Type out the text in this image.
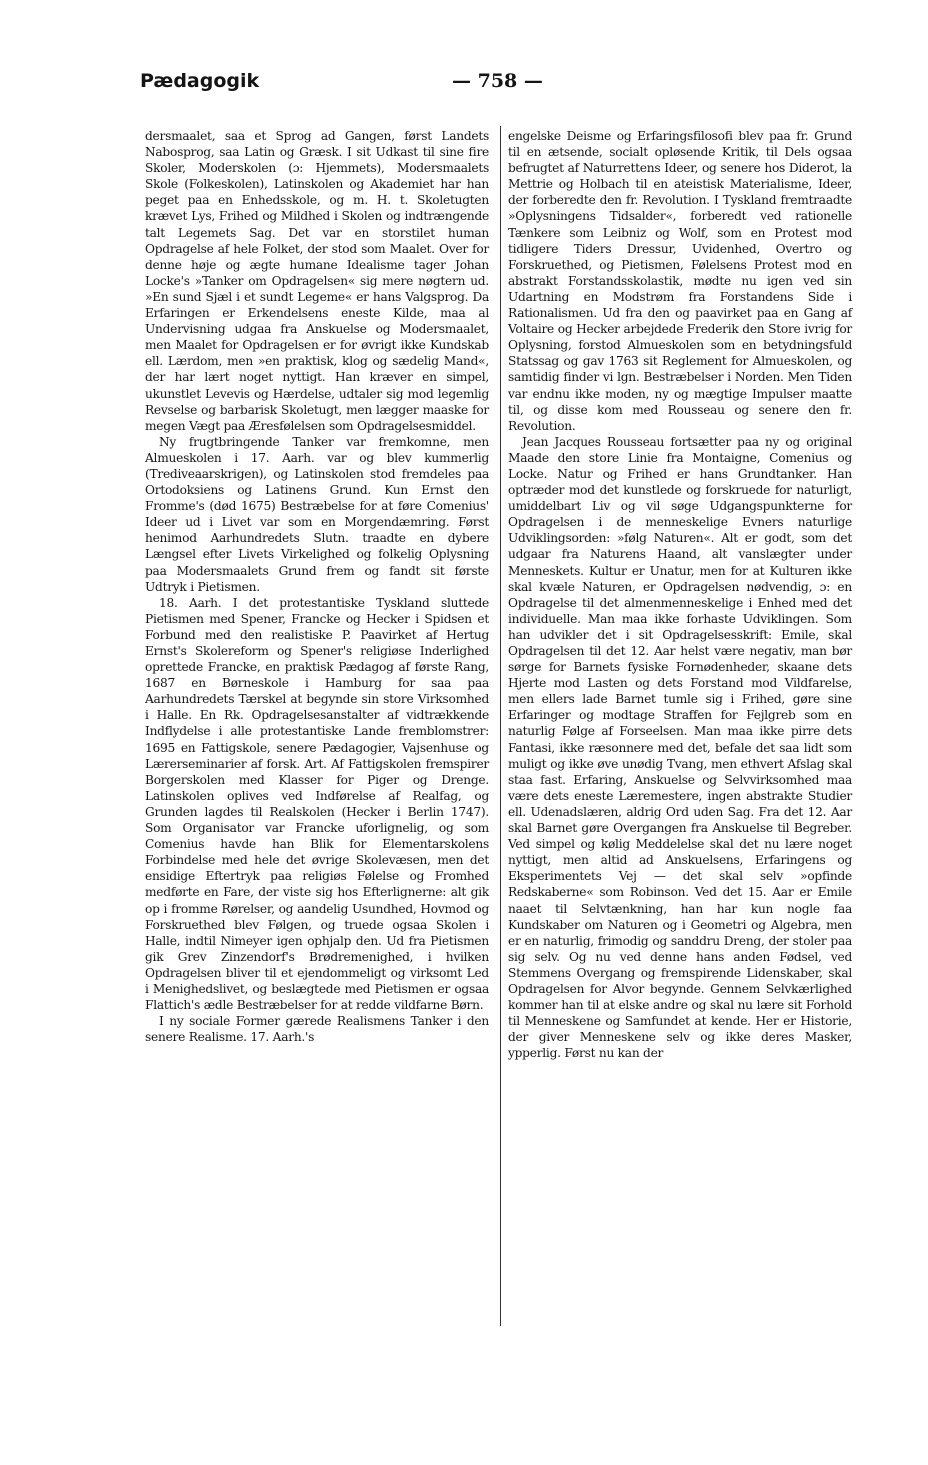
Pædagogik	— 758 —

dersmaalet, saa et Sprog ad Gangen, først Landets Nabosprog, saa Latin og Græsk. I sit Udkast til sine fire Skoler, Moderskolen (ɔ: Hjemmets), Modersmaalets Skole (Folkeskolen), Latinskolen og Akademiet har han peget paa en Enhedsskole, og m. H. t. Skoletugten krævet Lys, Frihed og Mildhed i Skolen og indtrængende talt Legemets Sag. Det var en storstilet human Opdragelse af hele Folket, der stod som Maalet. Over for denne høje og ægte humane Idealisme tager Johan Locke's »Tanker om Opdragelsen« sig mere nøgtern ud. »En sund Sjæl i et sundt Legeme« er hans Valgsprog. Da Erfaringen er Erkendelsens eneste Kilde, maa al Undervisning udgaa fra Anskuelse og Modersmaalet, men Maalet for Opdragelsen er for øvrigt ikke Kundskab ell. Lærdom, men »en praktisk, klog og sædelig Mand«, der har lært noget nyttigt. Han kræver en simpel, ukunstlet Levevis og Hærdelse, udtaler sig mod legemlig Revselse og barbarisk Skoletugt, men lægger maaske for megen Vægt paa Æresfølelsen som Opdragelsesmiddel.

Ny frugtbringende Tanker var fremkomne, men Almueskolen i 17. Aarh. var og blev kummerlig (Trediveaarskrigen), og Latinskolen stod fremdeles paa Ortodoksiens og Latinens Grund. Kun Ernst den Fromme's (død 1675) Bestræbelse for at føre Comenius' Ideer ud i Livet var som en Morgendæmring. Først henimod Aarhundredets Slutn. traadte en dybere Længsel efter Livets Virkelighed og folkelig Oplysning paa Modersmaalets Grund frem og fandt sit første Udtryk i Pietismen.

18. Aarh. I det protestantiske Tyskland sluttede Pietismen med Spener, Francke og Hecker i Spidsen et Forbund med den realistiske P. Paavirket af Hertug Ernst's Skolereform og Spener's religiøse Inderlighed oprettede Francke, en praktisk Pædagog af første Rang, 1687 en Børneskole i Hamburg for saa paa Aarhundredets Tærskel at begynde sin store Virksomhed i Halle. En Rk. Opdragelsesanstalter af vidtrækkende Indflydelse i alle protestantiske Lande fremblomstrer: 1695 en Fattigskole, senere Pædagogier, Vajsenhuse og Lærerseminarier af forsk. Art. Af Fattigskolen fremspirer Borgerskolen med Klasser for Piger og Drenge. Latinskolen oplives ved Indførelse af Realfag, og Grunden lagdes til Realskolen (Hecker i Berlin 1747). Som Organisator var Francke uforlignelig, og som Comenius havde han Blik for Elementarskolens Forbindelse med hele det øvrige Skolevæsen, men det ensidige Eftertryk paa religiøs Følelse og Fromhed medførte en Fare, der viste sig hos Efterlignerne: alt gik op i fromme Rørelser, og aandelig Usundhed, Hovmod og Forskruethed blev Følgen, og truede ogsaa Skolen i Halle, indtil Nimeyer igen ophjalp den. Ud fra Pietismen gik Grev Zinzendorf's Brødremenighed, i hvilken Opdragelsen bliver til et ejendommeligt og virksomt Led i Menighedslivet, og beslægtede med Pietismen er ogsaa Flattich's ædle Bestræbelser for at redde vildfarne Børn.

I ny sociale Former gærede Realismens Tanker i den senere Realisme. 17. Aarh.'s

engelske Deisme og Erfaringsfilosofi blev paa fr. Grund til en ætsende, socialt opløsende Kritik, til Dels ogsaa befrugtet af Naturrettens Ideer, og senere hos Diderot, la Mettrie og Holbach til en ateistisk Materialisme, Ideer, der forberedte den fr. Revolution. I Tyskland fremtraadte »Oplysningens Tidsalder«, forberedt ved rationelle Tænkere som Leibniz og Wolf, som en Protest mod tidligere Tiders Dressur, Uvidenhed, Overtro og Forskruethed, og Pietismen, Følelsens Protest mod en abstrakt Forstandsskolastik, mødte nu igen ved sin Udartning en Modstrøm fra Forstandens Side i Rationalismen. Ud fra den og paavirket paa en Gang af Voltaire og Hecker arbejdede Frederik den Store ivrig for Oplysning, forstod Almueskolen som en betydningsfuld Statssag og gav 1763 sit Reglement for Almueskolen, og samtidig finder vi lgn. Bestræbelser i Norden. Men Tiden var endnu ikke moden, ny og mægtige Impulser maatte til, og disse kom med Rousseau og senere den fr. Revolution.

Jean Jacques Rousseau fortsætter paa ny og original Maade den store Linie fra Montaigne, Comenius og Locke. Natur og Frihed er hans Grundtanker. Han optræder mod det kunstlede og forskruede for naturligt, umiddelbart Liv og vil søge Udgangspunkterne for Opdragelsen i de menneskelige Evners naturlige Udviklingsorden: »følg Naturen«. Alt er godt, som det udgaar fra Naturens Haand, alt vanslægter under Menneskets. Kultur er Unatur, men for at Kulturen ikke skal kvæle Naturen, er Opdragelsen nødvendig, ɔ: en Opdragelse til det almenmenneskelige i Enhed med det individuelle. Man maa ikke forhaste Udviklingen. Som han udvikler det i sit Opdragelsesskrift: Emile, skal Opdragelsen til det 12. Aar helst være negativ, man bør sørge for Barnets fysiske Fornødenheder, skaane dets Hjerte mod Lasten og dets Forstand mod Vildfarelse, men ellers lade Barnet tumle sig i Frihed, gøre sine Erfaringer og modtage Straffen for Fejlgreb som en naturlig Følge af Forseelsen. Man maa ikke pirre dets Fantasi, ikke ræsonnere med det, befale det saa lidt som muligt og ikke øve unødig Tvang, men ethvert Afslag skal staa fast. Erfaring, Anskuelse og Selvvirksomhed maa være dets eneste Læremestere, ingen abstrakte Studier ell. Udenadslæren, aldrig Ord uden Sag. Fra det 12. Aar skal Barnet gøre Overgangen fra Anskuelse til Begreber. Ved simpel og kølig Meddelelse skal det nu lære noget nyttigt, men altid ad Anskuelsens, Erfaringens og Eksperimentets Vej — det skal selv »opfinde Redskaberne« som Robinson. Ved det 15. Aar er Emile naaet til Selvtænkning, han har kun nogle faa Kundskaber om Naturen og i Geometri og Algebra, men er en naturlig, frimodig og sanddru Dreng, der stoler paa sig selv. Og nu ved denne hans anden Fødsel, ved Stemmens Overgang og fremspirende Lidenskaber, skal Opdragelsen for Alvor begynde. Gennem Selvkærlighed kommer han til at elske andre og skal nu lære sit Forhold til Menneskene og Samfundet at kende. Her er Historie, der giver Menneskene selv og ikke deres Masker, ypperlig. Først nu kan der
